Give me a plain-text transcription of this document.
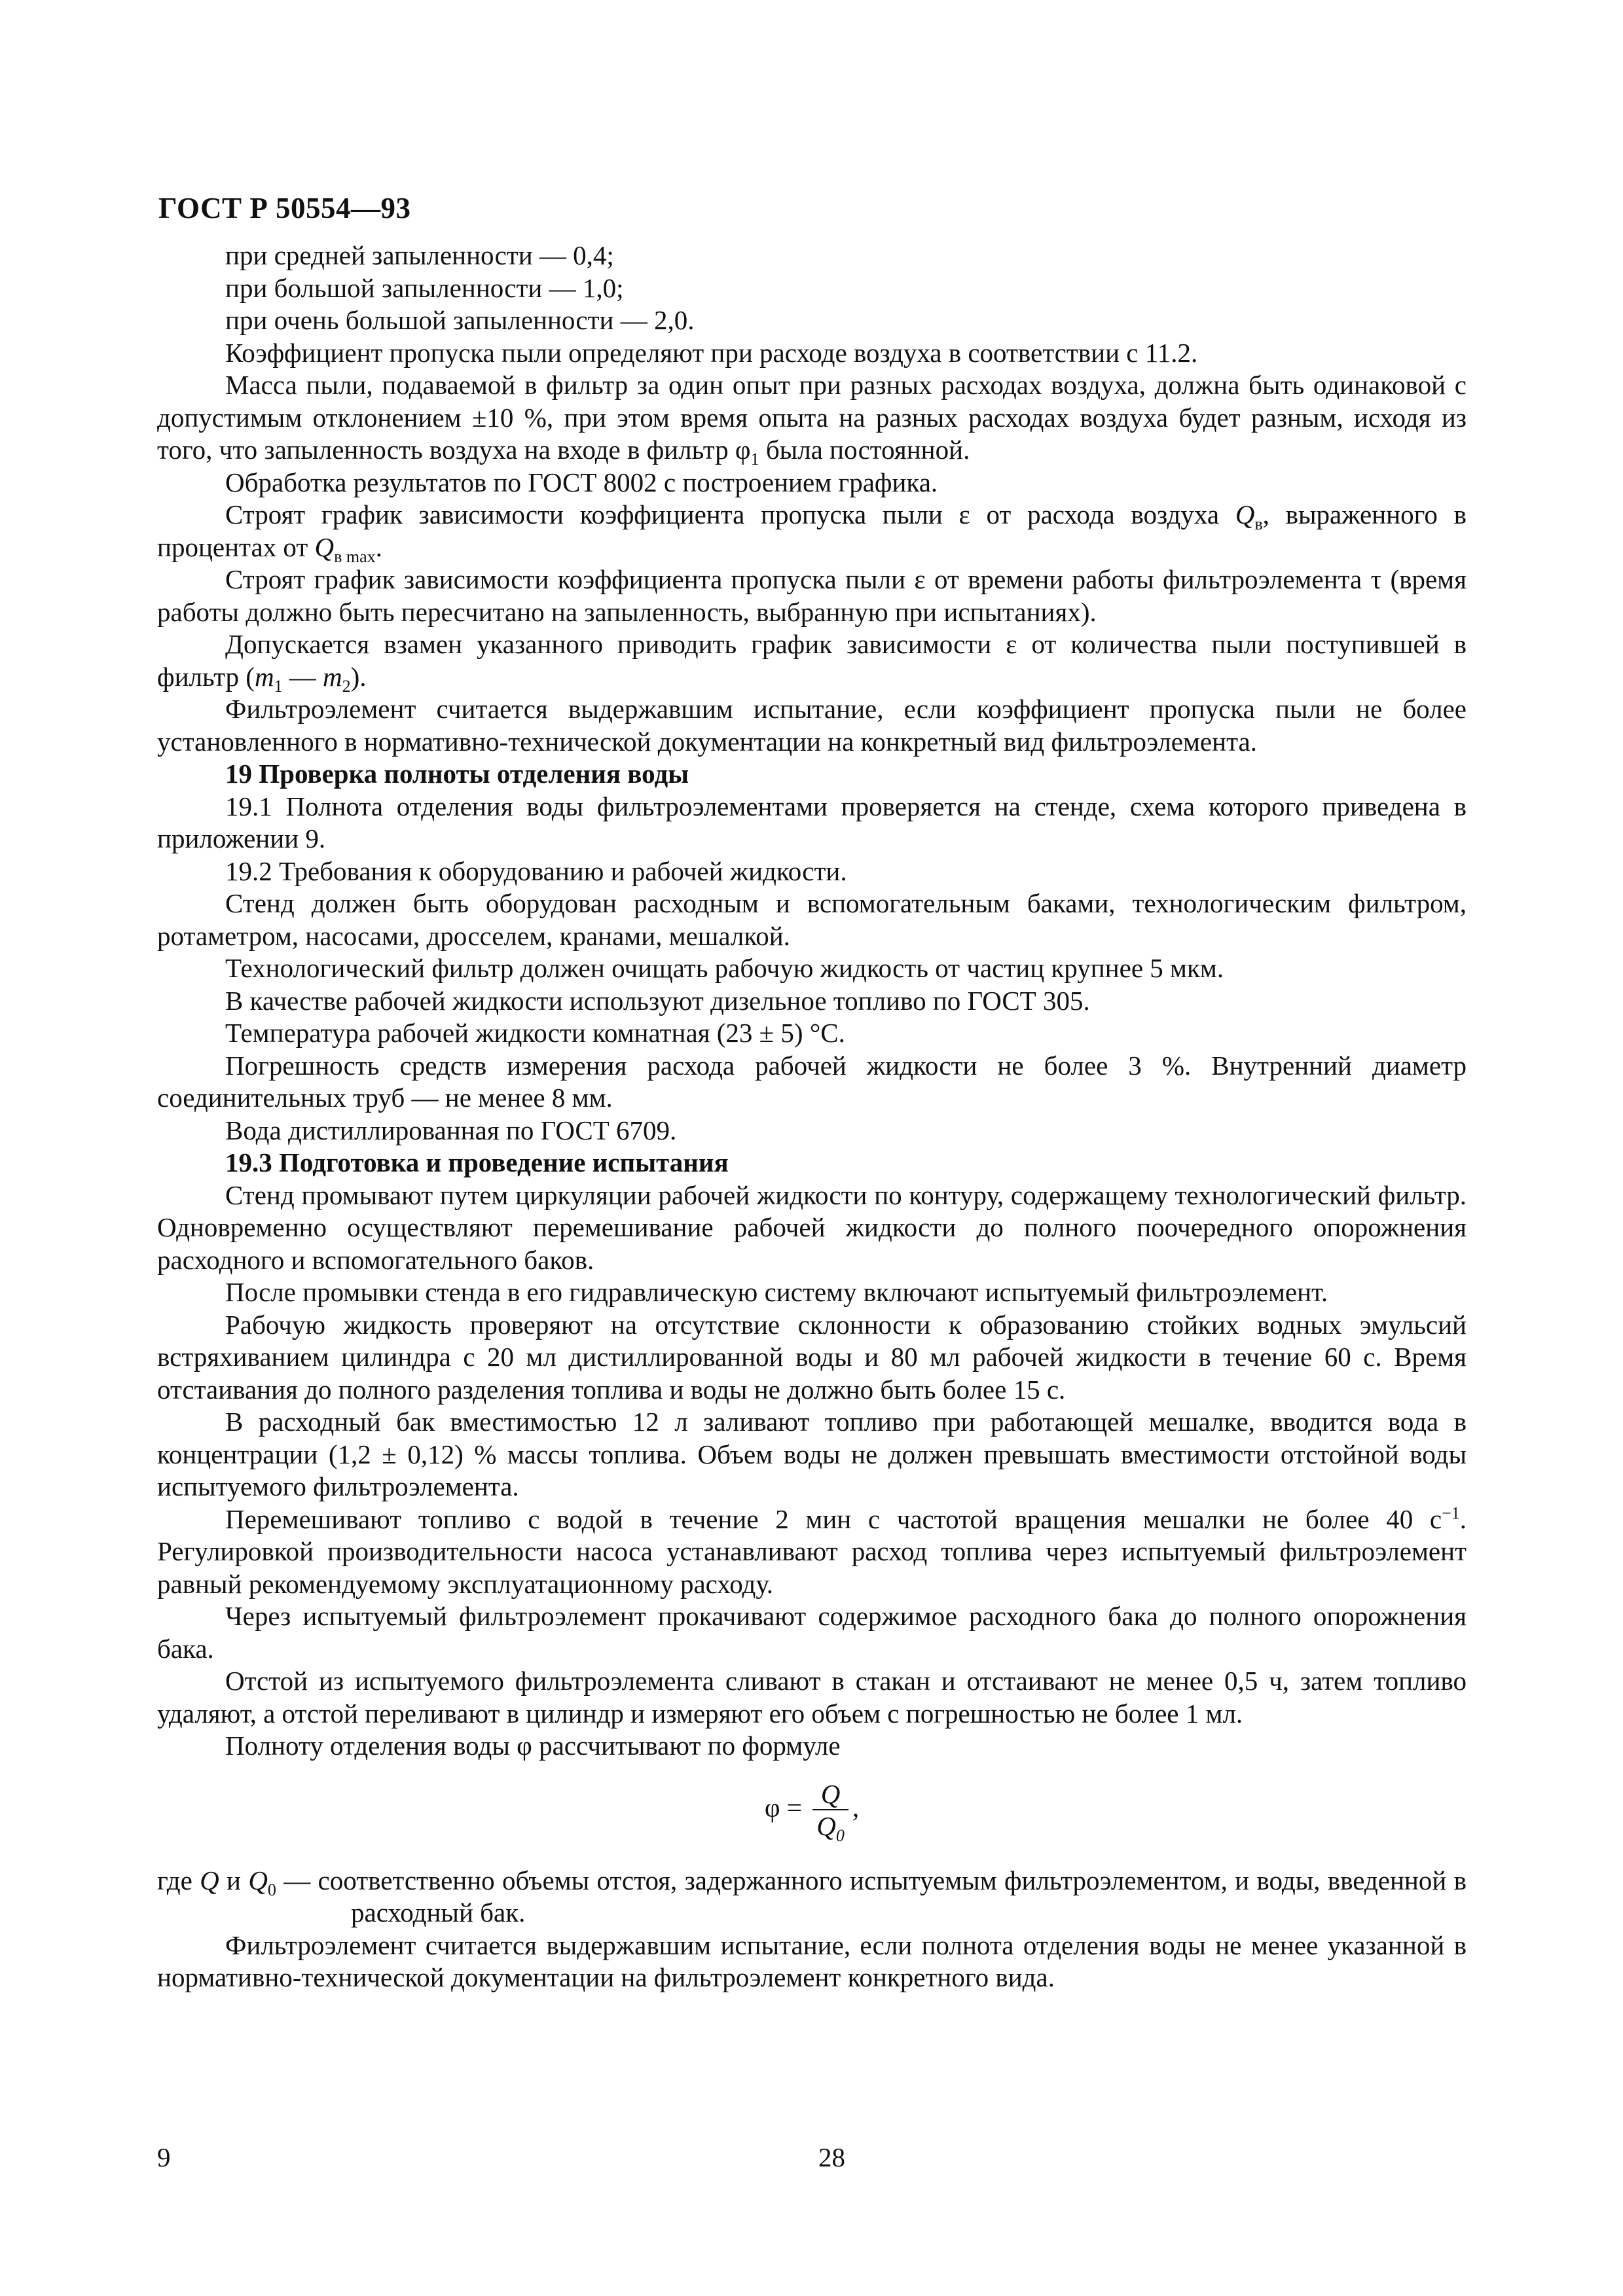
ГОСТ Р 50554—93

при средней запыленности — 0,4;

при большой запыленности — 1,0;

при очень большой запыленности — 2,0.

Коэффициент пропуска пыли определяют при расходе воздуха в соответствии с 11.2.

Масса пыли, подаваемой в фильтр за один опыт при разных расходах воздуха, должна быть одинаковой с допустимым отклонением ±10 %, при этом время опыта на разных расходах воздуха будет разным, исходя из того, что запыленность воздуха на входе в фильтр $\varphi_1$ была постоянной.

Обработка результатов по ГОСТ 8002 с построением графика.

Строят график зависимости коэффициента пропуска пыли ε от расхода воздуха $Q_в$, выраженного в процентах от $Q_{в max}$.

Строят график зависимости коэффициента пропуска пыли ε от времени работы фильтроэлемента τ (время работы должно быть пересчитано на запыленность, выбранную при испытаниях).

Допускается взамен указанного приводить график зависимости ε от количества пыли поступившей в фильтр ($m_1$ — $m_2$).

Фильтроэлемент считается выдержавшим испытание, если коэффициент пропуска пыли не более установленного в нормативно-технической документации на конкретный вид фильтроэлемента.

19 Проверка полноты отделения воды

19.1 Полнота отделения воды фильтроэлементами проверяется на стенде, схема которого приведена в приложении 9.

19.2 Требования к оборудованию и рабочей жидкости.

Стенд должен быть оборудован расходным и вспомогательным баками, технологическим фильтром, ротаметром, насосами, дросселем, кранами, мешалкой.

Технологический фильтр должен очищать рабочую жидкость от частиц крупнее 5 мкм.

В качестве рабочей жидкости используют дизельное топливо по ГОСТ 305.

Температура рабочей жидкости комнатная (23 ± 5) °С.

Погрешность средств измерения расхода рабочей жидкости не более 3 %. Внутренний диаметр соединительных труб — не менее 8 мм.

Вода дистиллированная по ГОСТ 6709.

19.3 Подготовка и проведение испытания

Стенд промывают путем циркуляции рабочей жидкости по контуру, содержащему технологический фильтр. Одновременно осуществляют перемешивание рабочей жидкости до полного поочередного опорожнения расходного и вспомогательного баков.

После промывки стенда в его гидравлическую систему включают испытуемый фильтроэлемент.

Рабочую жидкость проверяют на отсутствие склонности к образованию стойких водных эмульсий встряхиванием цилиндра с 20 мл дистиллированной воды и 80 мл рабочей жидкости в течение 60 с. Время отстаивания до полного разделения топлива и воды не должно быть более 15 с.

В расходный бак вместимостью 12 л заливают топливо при работающей мешалке, вводится вода в концентрации (1,2 ± 0,12) % массы топлива. Объем воды не должен превышать вместимости отстойной воды испытуемого фильтроэлемента.

Перемешивают топливо с водой в течение 2 мин с частотой вращения мешалки не более 40 $с^{-1}$. Регулировкой производительности насоса устанавливают расход топлива через испытуемый фильтроэлемент равный рекомендуемому эксплуатационному расходу.

Через испытуемый фильтроэлемент прокачивают содержимое расходного бака до полного опорожнения бака.

Отстой из испытуемого фильтроэлемента сливают в стакан и отстаивают не менее 0,5 ч, затем топливо удаляют, а отстой переливают в цилиндр и измеряют его объем с погрешностью не более 1 мл.

Полноту отделения воды φ рассчитывают по формуле

$\varphi = \frac{Q}{Q_0}$ ,

где Q и $Q_0$ — соответственно объемы отстоя, задержанного испытуемым фильтроэлементом, и воды, введенной в расходный бак.

Фильтроэлемент считается выдержавшим испытание, если полнота отделения воды не менее указанной в нормативно-технической документации на фильтроэлемент конкретного вида.

9	28
